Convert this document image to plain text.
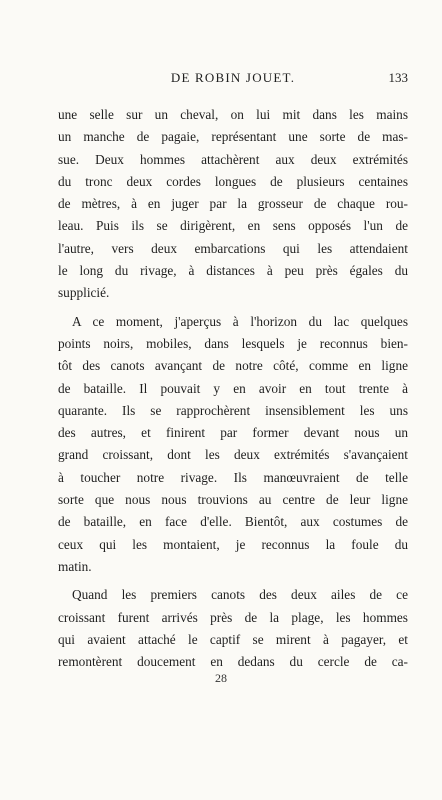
DE ROBIN JOUET.	133
une selle sur un cheval, on lui mit dans les mains
un manche de pagaie, représentant une sorte de mas-
sue. Deux hommes attachèrent aux deux extrémités
du tronc deux cordes longues de plusieurs centaines
de mètres, à en juger par la grosseur de chaque rou-
leau. Puis ils se dirigèrent, en sens opposés l'un de
l'autre, vers deux embarcations qui les attendaient
le long du rivage, à distances à peu près égales du
supplicié.
A ce moment, j'aperçus à l'horizon du lac quelques
points noirs, mobiles, dans lesquels je reconnus bien-
tôt des canots avançant de notre côté, comme en ligne
de bataille. Il pouvait y en avoir en tout trente à
quarante. Ils se rapprochèrent insensiblement les uns
des autres, et finirent par former devant nous un
grand croissant, dont les deux extrémités s'avançaient
à toucher notre rivage. Ils manœuvraient de telle
sorte que nous nous trouvions au centre de leur ligne
de bataille, en face d'elle. Bientôt, aux costumes de
ceux qui les montaient, je reconnus la foule du
matin.
Quand les premiers canots des deux ailes de ce
croissant furent arrivés près de la plage, les hommes
qui avaient attaché le captif se mirent à pagayer, et
remontèrent doucement en dedans du cercle de ca-
28
